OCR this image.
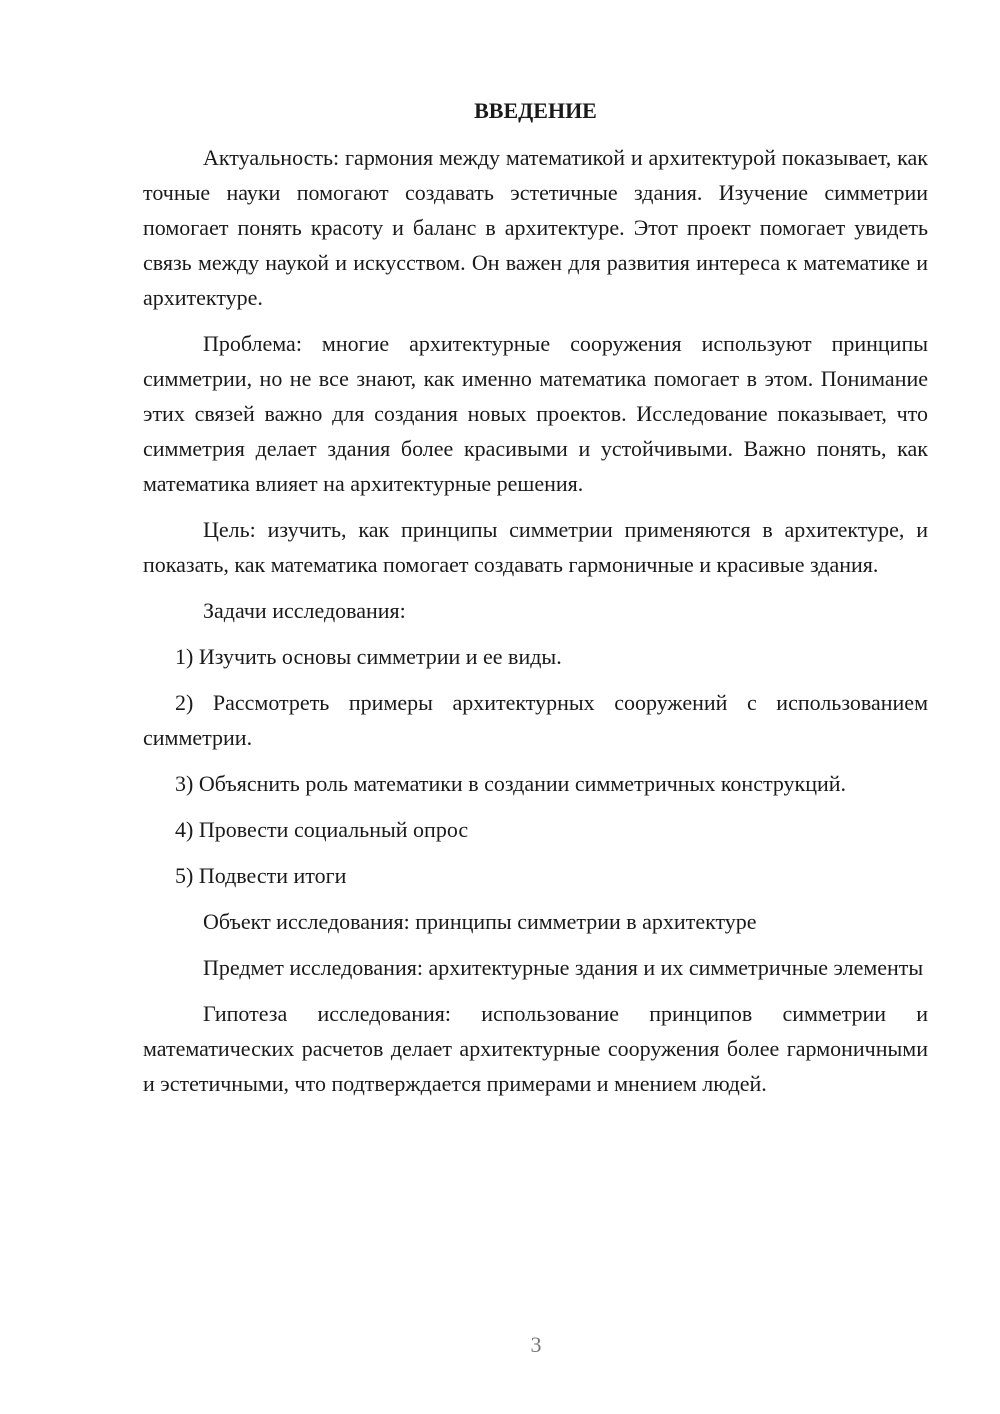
ВВЕДЕНИЕ

Актуальность: гармония между математикой и архитектурой показывает, как точные науки помогают создавать эстетичные здания. Изучение симметрии помогает понять красоту и баланс в архитектуре. Этот проект помогает увидеть связь между наукой и искусством. Он важен для развития интереса к математике и архитектуре.

Проблема: многие архитектурные сооружения используют принципы симметрии, но не все знают, как именно математика помогает в этом. Понимание этих связей важно для создания новых проектов. Исследование показывает, что симметрия делает здания более красивыми и устойчивыми. Важно понять, как математика влияет на архитектурные решения.

Цель: изучить, как принципы симметрии применяются в архитектуре, и показать, как математика помогает создавать гармоничные и красивые здания.

Задачи исследования:

1) Изучить основы симметрии и ее виды.

2) Рассмотреть примеры архитектурных сооружений с использованием симметрии.

3) Объяснить роль математики в создании симметричных конструкций.

4) Провести социальный опрос

5) Подвести итоги

Объект исследования: принципы симметрии в архитектуре

Предмет исследования: архитектурные здания и их симметричные элементы

Гипотеза исследования: использование принципов симметрии и математических расчетов делает архитектурные сооружения более гармоничными и эстетичными, что подтверждается примерами и мнением людей.

3
